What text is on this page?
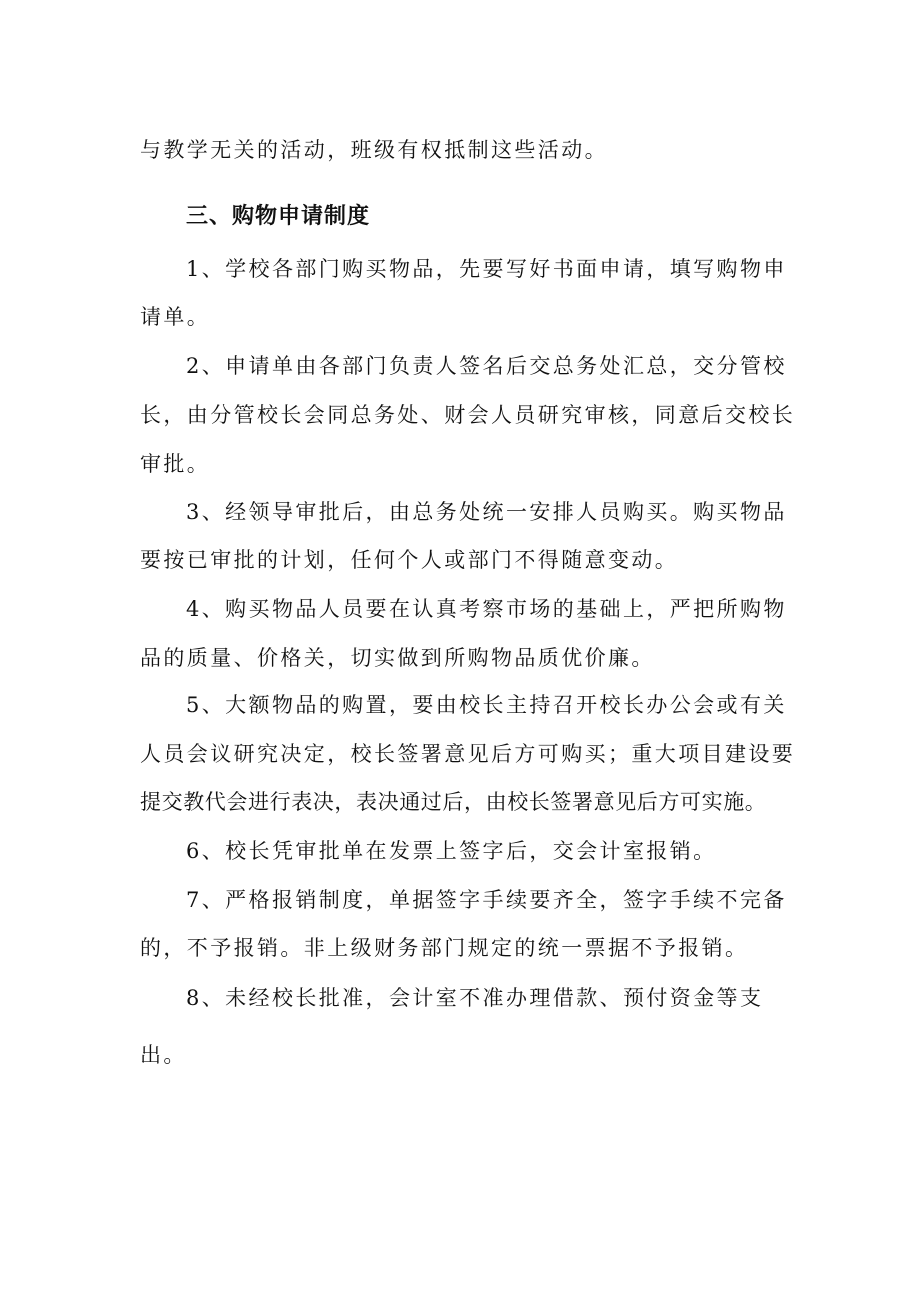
与教学无关的活动，班级有权抵制这些活动。
三、购物申请制度
1、学校各部门购买物品，先要写好书面申请，填写购物申
请单。
2、申请单由各部门负责人签名后交总务处汇总，交分管校
长，由分管校长会同总务处、财会人员研究审核，同意后交校长
审批。
3、经领导审批后，由总务处统一安排人员购买。购买物品
要按已审批的计划，任何个人或部门不得随意变动。
4、购买物品人员要在认真考察市场的基础上，严把所购物
品的质量、价格关，切实做到所购物品质优价廉。
5、大额物品的购置，要由校长主持召开校长办公会或有关
人员会议研究决定，校长签署意见后方可购买；重大项目建设要
提交教代会进行表决，表决通过后，由校长签署意见后方可实施。
6、校长凭审批单在发票上签字后，交会计室报销。
7、严格报销制度，单据签字手续要齐全，签字手续不完备
的，不予报销。非上级财务部门规定的统一票据不予报销。
8、未经校长批准，会计室不准办理借款、预付资金等支
出。
